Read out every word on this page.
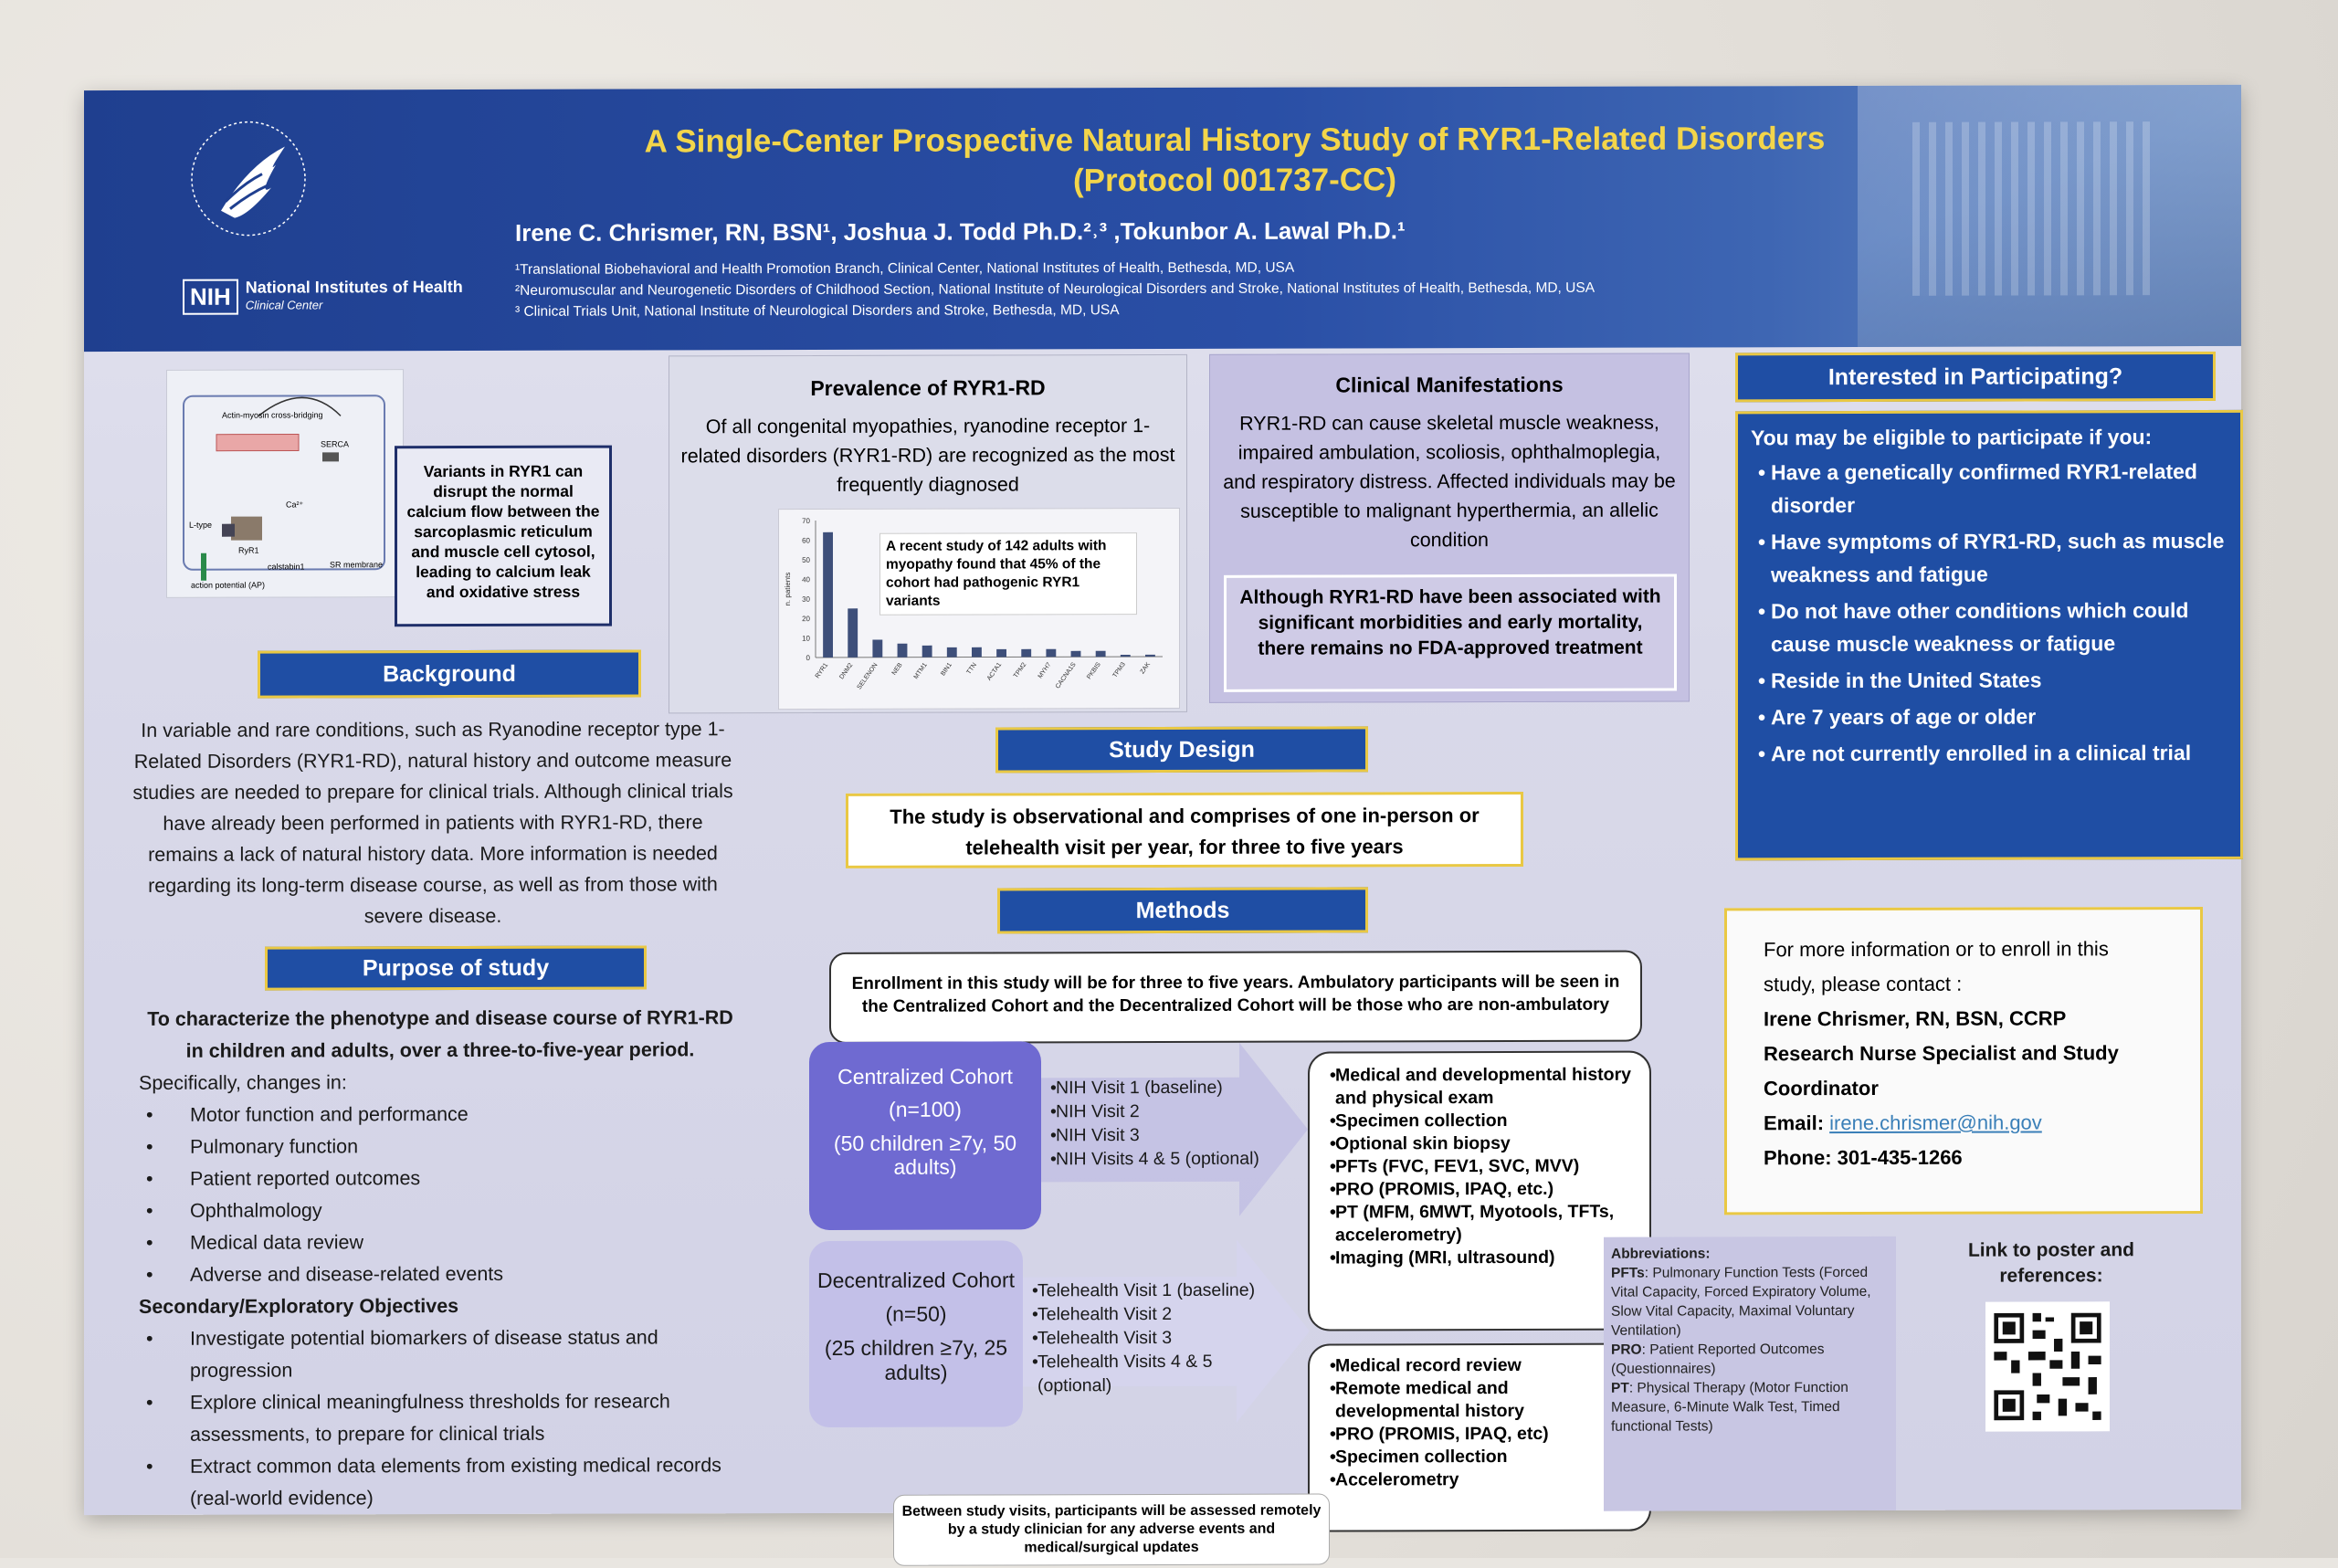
NIH National Institutes of Health
Clinical Center
A Single-Center Prospective Natural History Study of RYR1-Related Disorders
(Protocol 001737-CC)
Irene C. Chrismer, RN, BSN¹, Joshua J. Todd Ph.D.²˒³ ,Tokunbor A. Lawal Ph.D.¹
¹Translational Biobehavioral and Health Promotion Branch, Clinical Center, National Institutes of Health, Bethesda, MD, USA
²Neuromuscular and Neurogenetic Disorders of Childhood Section, National Institute of Neurological Disorders and Stroke, National Institutes of Health, Bethesda, MD, USA
³ Clinical Trials Unit, National Institute of Neurological Disorders and Stroke, Bethesda, MD, USA
Actin-myosin cross-bridging
SERCA
Ca²⁺
RyR1
L-type
action potential (AP)
calstabin1	SR membrane
Variants in RYR1 can disrupt the normal calcium flow between the sarcoplasmic reticulum and muscle cell cytosol, leading to calcium leak and oxidative stress
Background
In variable and rare conditions, such as Ryanodine receptor type 1-Related Disorders (RYR1-RD), natural history and outcome measure studies are needed to prepare for clinical trials. Although clinical trials have already been performed in patients with RYR1-RD, there remains a lack of natural history data. More information is needed regarding its long-term disease course, as well as from those with severe disease.
Purpose of study
To characterize the phenotype and disease course of RYR1-RD in children and adults, over a three-to-five-year period.
Specifically, changes in:
• Motor function and performance
• Pulmonary function
• Patient reported outcomes
• Ophthalmology
• Medical data review
• Adverse and disease-related events
Secondary/Exploratory Objectives
• Investigate potential biomarkers of disease status and progression
• Explore clinical meaningfulness thresholds for research assessments, to prepare for clinical trials
• Extract common data elements from existing medical records (real-world evidence)
Prevalence of RYR1-RD
Of all congenital myopathies, ryanodine receptor 1-related disorders (RYR1-RD) are recognized as the most frequently diagnosed
0
10
20
30
40
50
60
70
n. patients
RYR1 DNM2 SELENON NEB MTM1 BIN1 TTN ACTA1 TPM2 MYH7 CACNA1S PKBIS TPM3 ZAK
A recent study of 142 adults with myopathy found that 45% of the cohort had pathogenic RYR1 variants
Clinical Manifestations
RYR1-RD can cause skeletal muscle weakness, impaired ambulation, scoliosis, ophthalmoplegia, and respiratory distress. Affected individuals may be susceptible to malignant hyperthermia, an allelic condition
Although RYR1-RD have been associated with significant morbidities and early mortality, there remains no FDA-approved treatment
Interested in Participating?
You may be eligible to participate if you:
• Have a genetically confirmed RYR1-related disorder
• Have symptoms of RYR1-RD, such as muscle weakness and fatigue
• Do not have other conditions which could cause muscle weakness or fatigue
• Reside in the United States
• Are 7 years of age or older
• Are not currently enrolled in a clinical trial
For more information or to enroll in this study, please contact :
Irene Chrismer, RN, BSN, CCRP
Research Nurse Specialist and Study Coordinator
Email: irene.chrismer@nih.gov
Phone: 301-435-1266
Link to poster and references:
Study Design
The study is observational and comprises of one in-person or telehealth visit per year, for three to five years
Methods
Enrollment in this study will be for three to five years. Ambulatory participants will be seen in the Centralized Cohort and the Decentralized Cohort will be those who are non-ambulatory
Centralized Cohort
(n=100)
(50 children ≥7y, 50 adults)
• NIH Visit 1 (baseline)
• NIH Visit 2
• NIH Visit 3
• NIH Visits 4 & 5 (optional)
• Medical and developmental history and physical exam
• Specimen collection
• Optional skin biopsy
• PFTs (FVC, FEV1, SVC, MVV)
• PRO (PROMIS, IPAQ, etc.)
• PT (MFM, 6MWT, Myotools, TFTs, accelerometry)
• Imaging (MRI, ultrasound)
Decentralized Cohort
(n=50)
(25 children ≥7y, 25 adults)
• Telehealth Visit 1 (baseline)
• Telehealth Visit 2
• Telehealth Visit 3
• Telehealth Visits 4 & 5 (optional)
• Medical record review
• Remote medical and developmental history
• PRO (PROMIS, IPAQ, etc)
• Specimen collection
• Accelerometry
Between study visits, participants will be assessed remotely by a study clinician for any adverse events and medical/surgical updates
Abbreviations:
PFTs: Pulmonary Function Tests (Forced Vital Capacity, Forced Expiratory Volume, Slow Vital Capacity, Maximal Voluntary Ventilation)
PRO: Patient Reported Outcomes (Questionnaires)
PT: Physical Therapy (Motor Function Measure, 6-Minute Walk Test, Timed functional Tests)
